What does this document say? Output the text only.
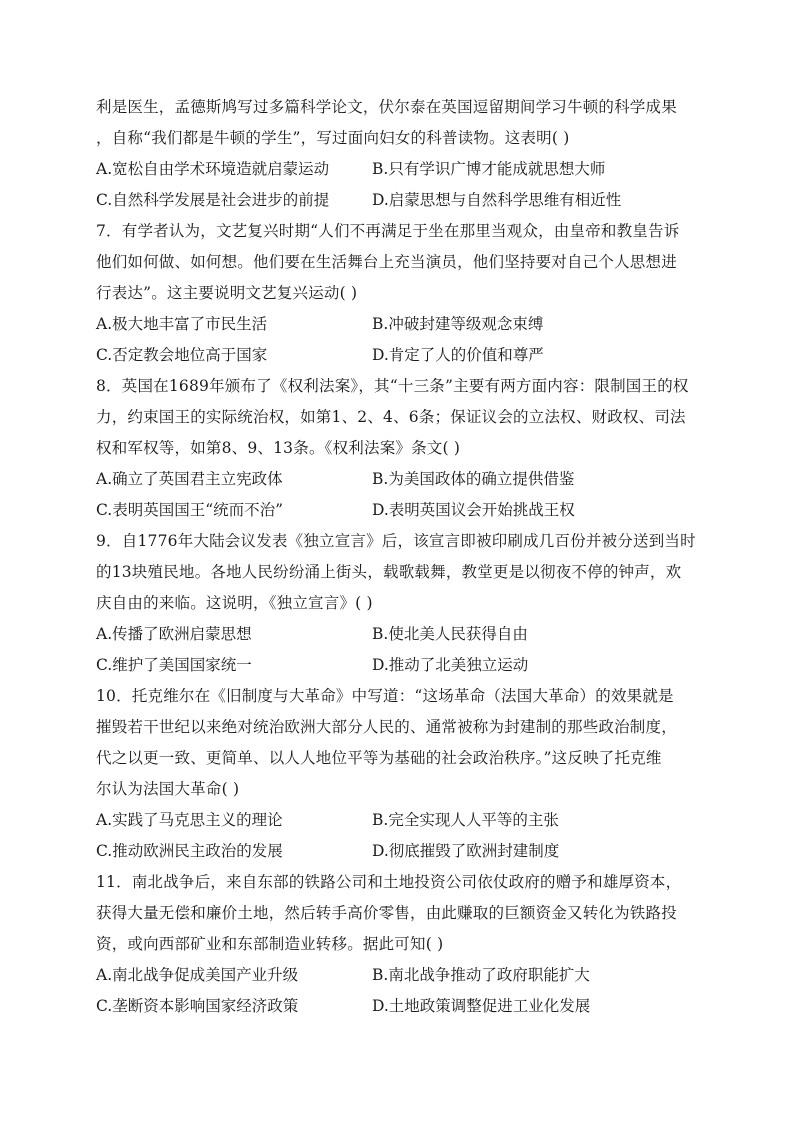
利是医生，孟德斯鸠写过多篇科学论文，伏尔泰在英国逗留期间学习牛顿的科学成果
，自称“我们都是牛顿的学生”，写过面向妇女的科普读物。这表明( )
A.宽松自由学术环境造就启蒙运动	B.只有学识广博才能成就思想大师
C.自然科学发展是社会进步的前提	D.启蒙思想与自然科学思维有相近性
7．有学者认为，文艺复兴时期“人们不再满足于坐在那里当观众，由皇帝和教皇告诉
他们如何做、如何想。他们要在生活舞台上充当演员，他们坚持要对自己个人思想进
行表达”。这主要说明文艺复兴运动( )
A.极大地丰富了市民生活	B.冲破封建等级观念束缚
C.否定教会地位高于国家	D.肯定了人的价值和尊严
8．英国在1689年颁布了《权利法案》，其“十三条”主要有两方面内容：限制国王的权
力，约束国王的实际统治权，如第1、2、4、6条；保证议会的立法权、财政权、司法
权和军权等，如第8、9、13条。《权利法案》条文( )
A.确立了英国君主立宪政体	B.为美国政体的确立提供借鉴
C.表明英国国王“统而不治”	D.表明英国议会开始挑战王权
9．自1776年大陆会议发表《独立宣言》后，该宣言即被印刷成几百份并被分送到当时
的13块殖民地。各地人民纷纷涌上街头，载歌载舞，教堂更是以彻夜不停的钟声，欢
庆自由的来临。这说明，《独立宣言》( )
A.传播了欧洲启蒙思想	B.使北美人民获得自由
C.维护了美国国家统一	D.推动了北美独立运动
10．托克维尔在《旧制度与大革命》中写道：“这场革命（法国大革命）的效果就是
摧毁若干世纪以来绝对统治欧洲大部分人民的、通常被称为封建制的那些政治制度，
代之以更一致、更简单、以人人地位平等为基础的社会政治秩序。”这反映了托克维
尔认为法国大革命( )
A.实践了马克思主义的理论	B.完全实现人人平等的主张
C.推动欧洲民主政治的发展	D.彻底摧毁了欧洲封建制度
11．南北战争后，来自东部的铁路公司和土地投资公司依仗政府的赠予和雄厚资本，
获得大量无偿和廉价土地，然后转手高价零售，由此赚取的巨额资金又转化为铁路投
资，或向西部矿业和东部制造业转移。据此可知( )
A.南北战争促成美国产业升级	B.南北战争推动了政府职能扩大
C.垄断资本影响国家经济政策	D.土地政策调整促进工业化发展
